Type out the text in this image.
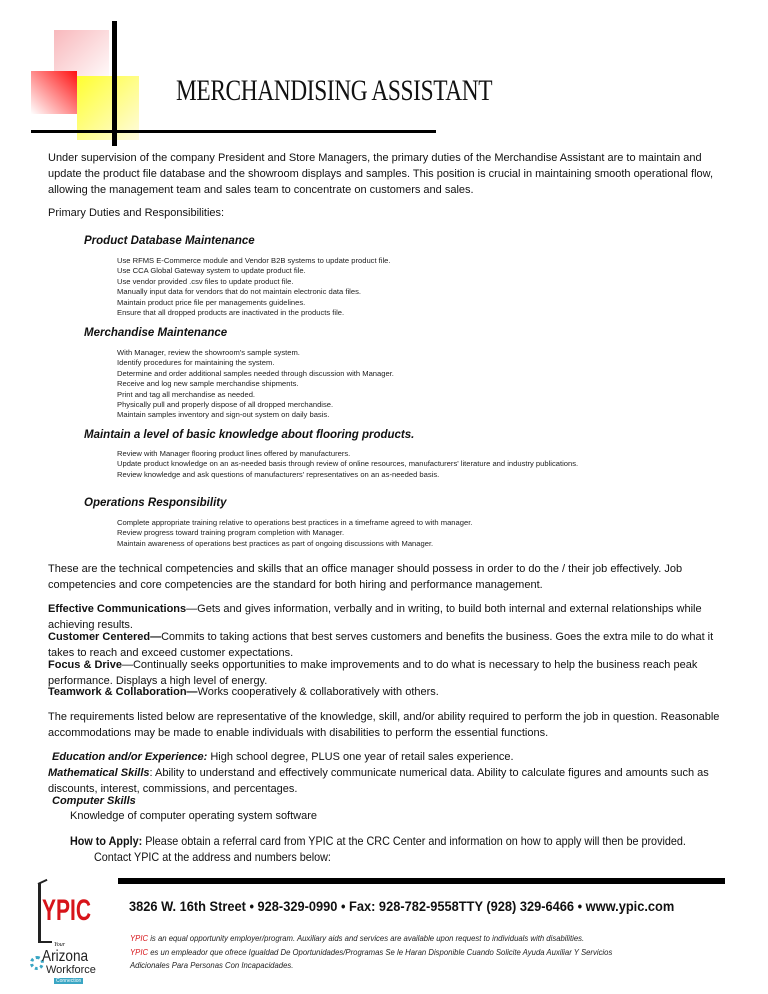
MERCHANDISING ASSISTANT
Under supervision of the company President and Store Managers, the primary duties of the Merchandise Assistant are to maintain and update the product file database and the showroom displays and samples. This position is crucial in maintaining smooth operational flow, allowing the management team and sales team to concentrate on customers and sales.
Primary Duties and Responsibilities:
Product Database Maintenance
Use RFMS E-Commerce module and Vendor B2B systems to update product file.
Use CCA Global Gateway system to update product file.
Use vendor provided .csv files to update product file.
Manually input data for vendors that do not maintain electronic data files.
Maintain product price file per managements guidelines.
Ensure that all dropped products are inactivated in the products file.
Merchandise Maintenance
With Manager, review the showroom's sample system.
Identify procedures for maintaining the system.
Determine and order additional samples needed through discussion with Manager.
Receive and log new sample merchandise shipments.
Print and tag all merchandise as needed.
Physically pull and properly dispose of all dropped merchandise.
Maintain samples inventory and sign-out system on daily basis.
Maintain a level of basic knowledge about flooring products.
Review with Manager flooring product lines offered by manufacturers.
Update product knowledge on an as-needed basis through review of online resources, manufacturers' literature and industry publications.
Review knowledge and ask questions of manufacturers' representatives on an as-needed basis.
Operations Responsibility
Complete appropriate training relative to operations best practices in a timeframe agreed to with manager.
Review progress toward training program completion with Manager.
Maintain awareness of operations best practices as part of ongoing discussions with Manager.
These are the technical competencies and skills that an office manager should possess in order to do the / their job effectively. Job competencies and core competencies are the standard for both hiring and performance management.
Effective Communications—Gets and gives information, verbally and in writing, to build both internal and external relationships while achieving results.
Customer Centered—Commits to taking actions that best serves customers and benefits the business. Goes the extra mile to do what it takes to reach and exceed customer expectations.
Focus & Drive—Continually seeks opportunities to make improvements and to do what is necessary to help the business reach peak performance. Displays a high level of energy.
Teamwork & Collaboration—Works cooperatively & collaboratively with others.
The requirements listed below are representative of the knowledge, skill, and/or ability required to perform the job in question. Reasonable accommodations may be made to enable individuals with disabilities to perform the essential functions.
Education and/or Experience: High school degree, PLUS one year of retail sales experience.
Mathematical Skills: Ability to understand and effectively communicate numerical data. Ability to calculate figures and amounts such as discounts, interest, commissions, and percentages.
Computer Skills
Knowledge of computer operating system software
How to Apply: Please obtain a referral card from YPIC at the CRC Center and information on how to apply will then be provided.
Contact YPIC at the address and numbers below:
YPIC
Your
Arizona
Workforce
Connection
3826 W. 16th Street • 928-329-0990 • Fax: 928-782-9558TTY (928) 329-6466 • www.ypic.com
YPIC is an equal opportunity employer/program. Auxiliary aids and services are available upon request to individuals with disabilities.
YPIC es un empleador que ofrece Igualdad De Oportunidades/Programas Se le Haran Disponible Cuando Solicite Ayuda Auxiliar Y Servicios
Adicionales Para Personas Con Incapacidades.
